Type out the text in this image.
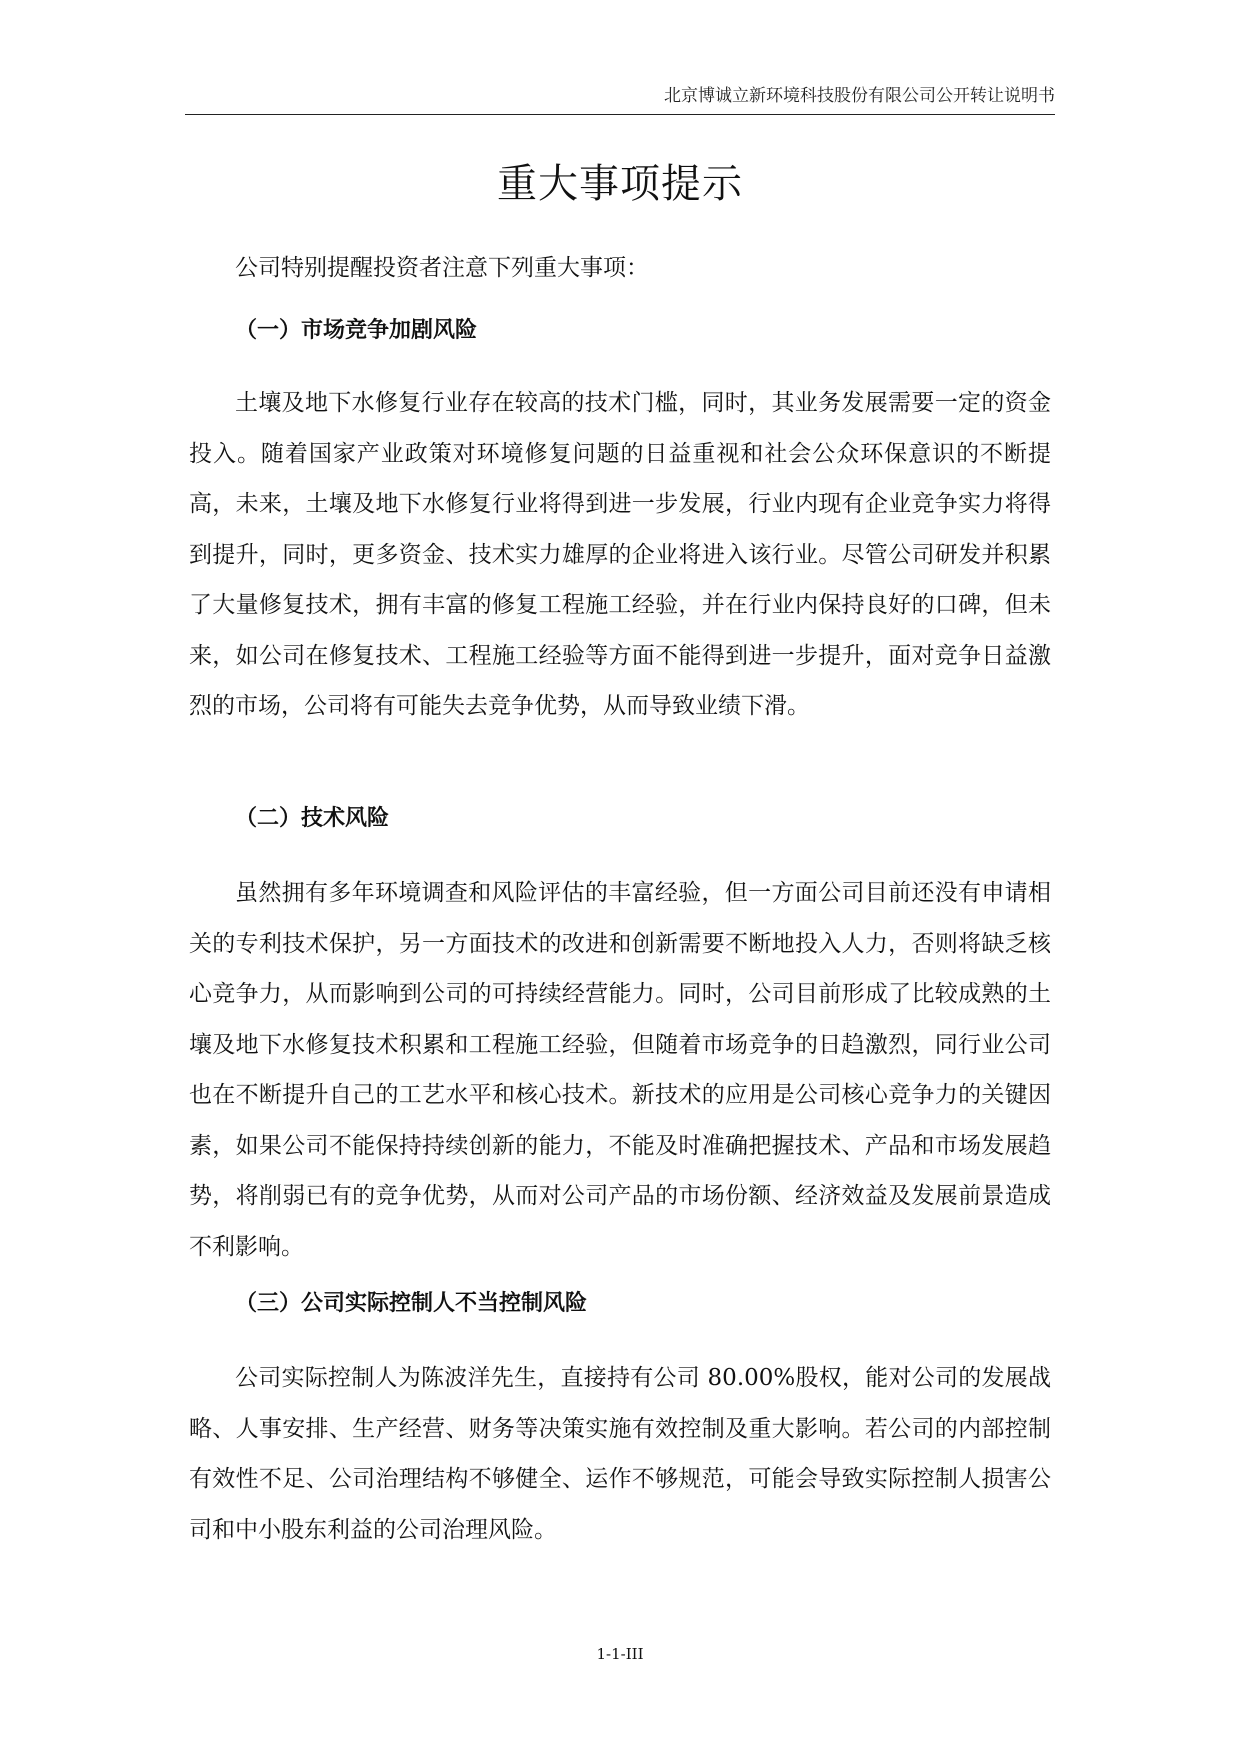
北京博诚立新环境科技股份有限公司公开转让说明书
重大事项提示

公司特别提醒投资者注意下列重大事项：

（一）市场竞争加剧风险

土壤及地下水修复行业存在较高的技术门槛，同时，其业务发展需要一定的资金投入。随着国家产业政策对环境修复问题的日益重视和社会公众环保意识的不断提高，未来，土壤及地下水修复行业将得到进一步发展，行业内现有企业竞争实力将得到提升，同时，更多资金、技术实力雄厚的企业将进入该行业。尽管公司研发并积累了大量修复技术，拥有丰富的修复工程施工经验，并在行业内保持良好的口碑，但未来，如公司在修复技术、工程施工经验等方面不能得到进一步提升，面对竞争日益激烈的市场，公司将有可能失去竞争优势，从而导致业绩下滑。

（二）技术风险

虽然拥有多年环境调查和风险评估的丰富经验，但一方面公司目前还没有申请相关的专利技术保护，另一方面技术的改进和创新需要不断地投入人力，否则将缺乏核心竞争力，从而影响到公司的可持续经营能力。同时，公司目前形成了比较成熟的土壤及地下水修复技术积累和工程施工经验，但随着市场竞争的日趋激烈，同行业公司也在不断提升自己的工艺水平和核心技术。新技术的应用是公司核心竞争力的关键因素，如果公司不能保持持续创新的能力，不能及时准确把握技术、产品和市场发展趋势，将削弱已有的竞争优势，从而对公司产品的市场份额、经济效益及发展前景造成不利影响。

（三）公司实际控制人不当控制风险

公司实际控制人为陈波洋先生，直接持有公司 80.00%股权，能对公司的发展战略、人事安排、生产经营、财务等决策实施有效控制及重大影响。若公司的内部控制有效性不足、公司治理结构不够健全、运作不够规范，可能会导致实际控制人损害公司和中小股东利益的公司治理风险。

1-1-III
